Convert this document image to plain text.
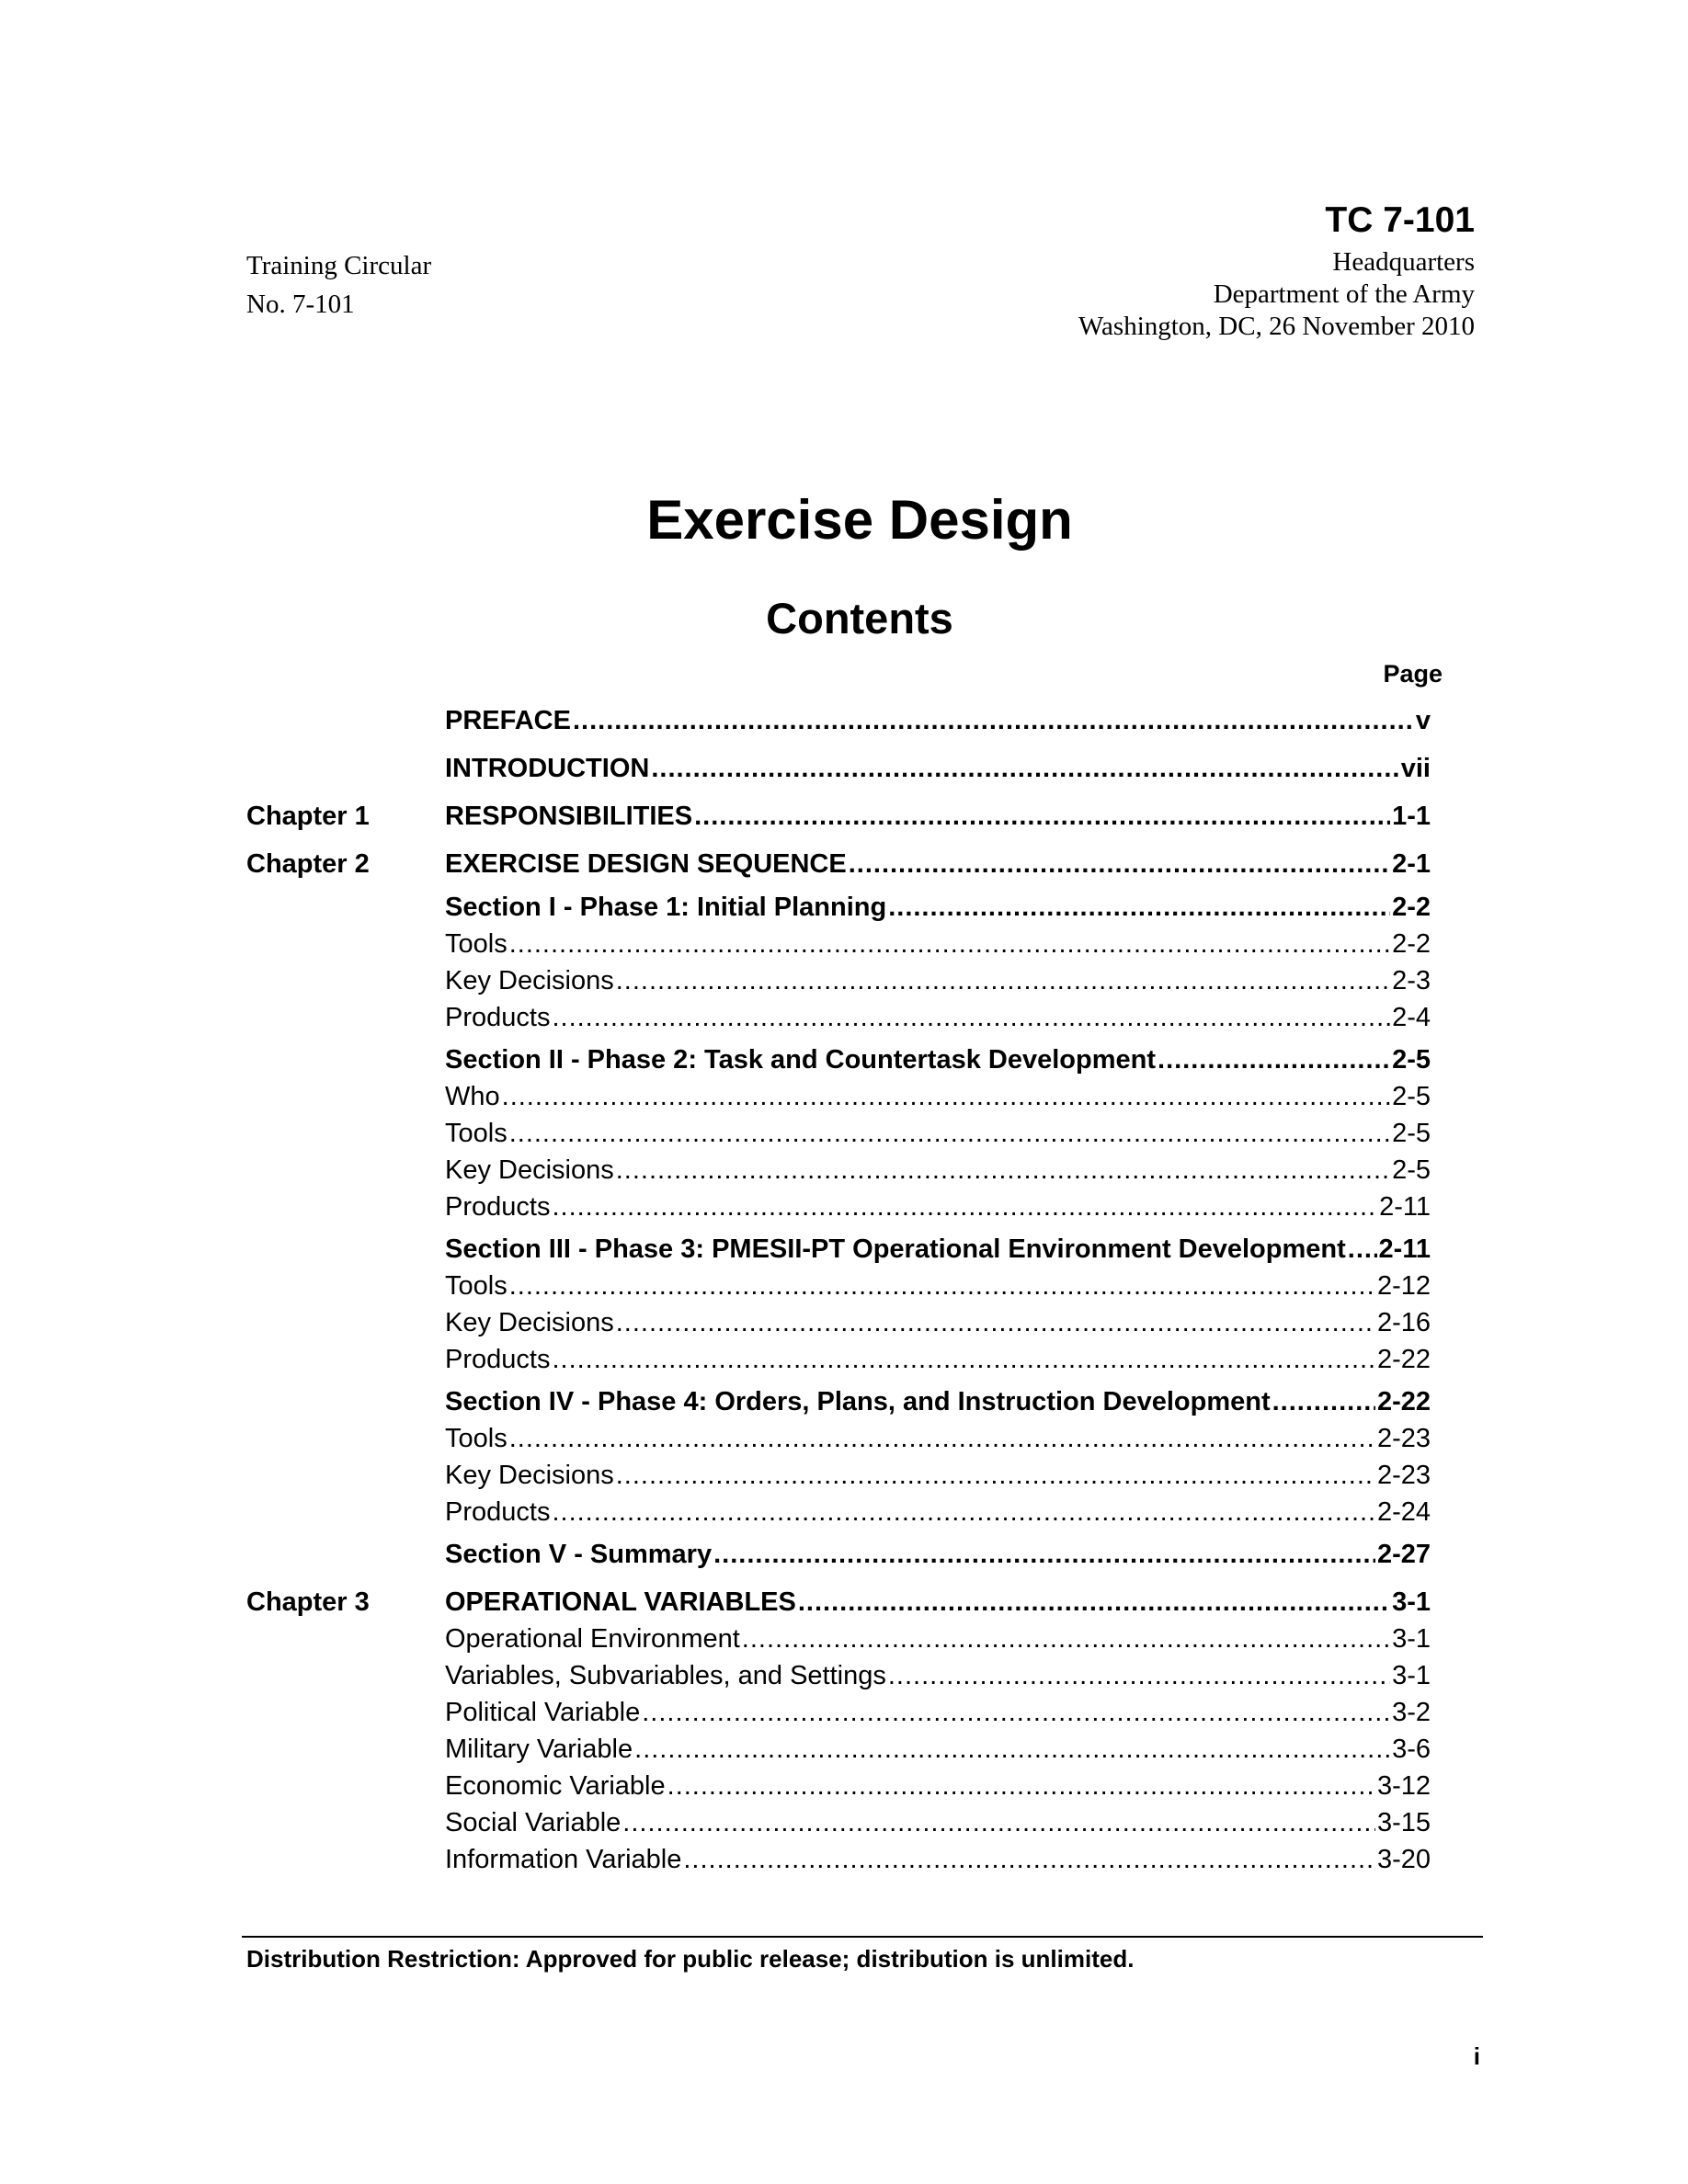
Training Circular
No. 7-101
TC 7-101
Headquarters
Department of the Army
Washington, DC, 26 November 2010
Exercise Design
Contents
Page
PREFACE .....	v
INTRODUCTION .....	vii
Chapter 1	RESPONSIBILITIES .....	1-1
Chapter 2	EXERCISE DESIGN SEQUENCE .....	2-1
Section I - Phase 1: Initial Planning .....	2-2
Tools .....	2-2
Key Decisions .....	2-3
Products .....	2-4
Section II - Phase 2: Task and Countertask Development .....	2-5
Who .....	2-5
Tools .....	2-5
Key Decisions .....	2-5
Products .....	2-11
Section III - Phase 3: PMESII-PT Operational Environment Development ..... 2-11
Tools .....	2-12
Key Decisions .....	2-16
Products .....	2-22
Section IV - Phase 4: Orders, Plans, and Instruction Development .....	2-22
Tools .....	2-23
Key Decisions .....	2-23
Products .....	2-24
Section V - Summary .....	2-27
Chapter 3	OPERATIONAL VARIABLES .....	3-1
Operational Environment .....	3-1
Variables, Subvariables, and Settings .....	3-1
Political Variable .....	3-2
Military Variable .....	3-6
Economic Variable .....	3-12
Social Variable .....	3-15
Information Variable .....	3-20
Distribution Restriction: Approved for public release; distribution is unlimited.
i
